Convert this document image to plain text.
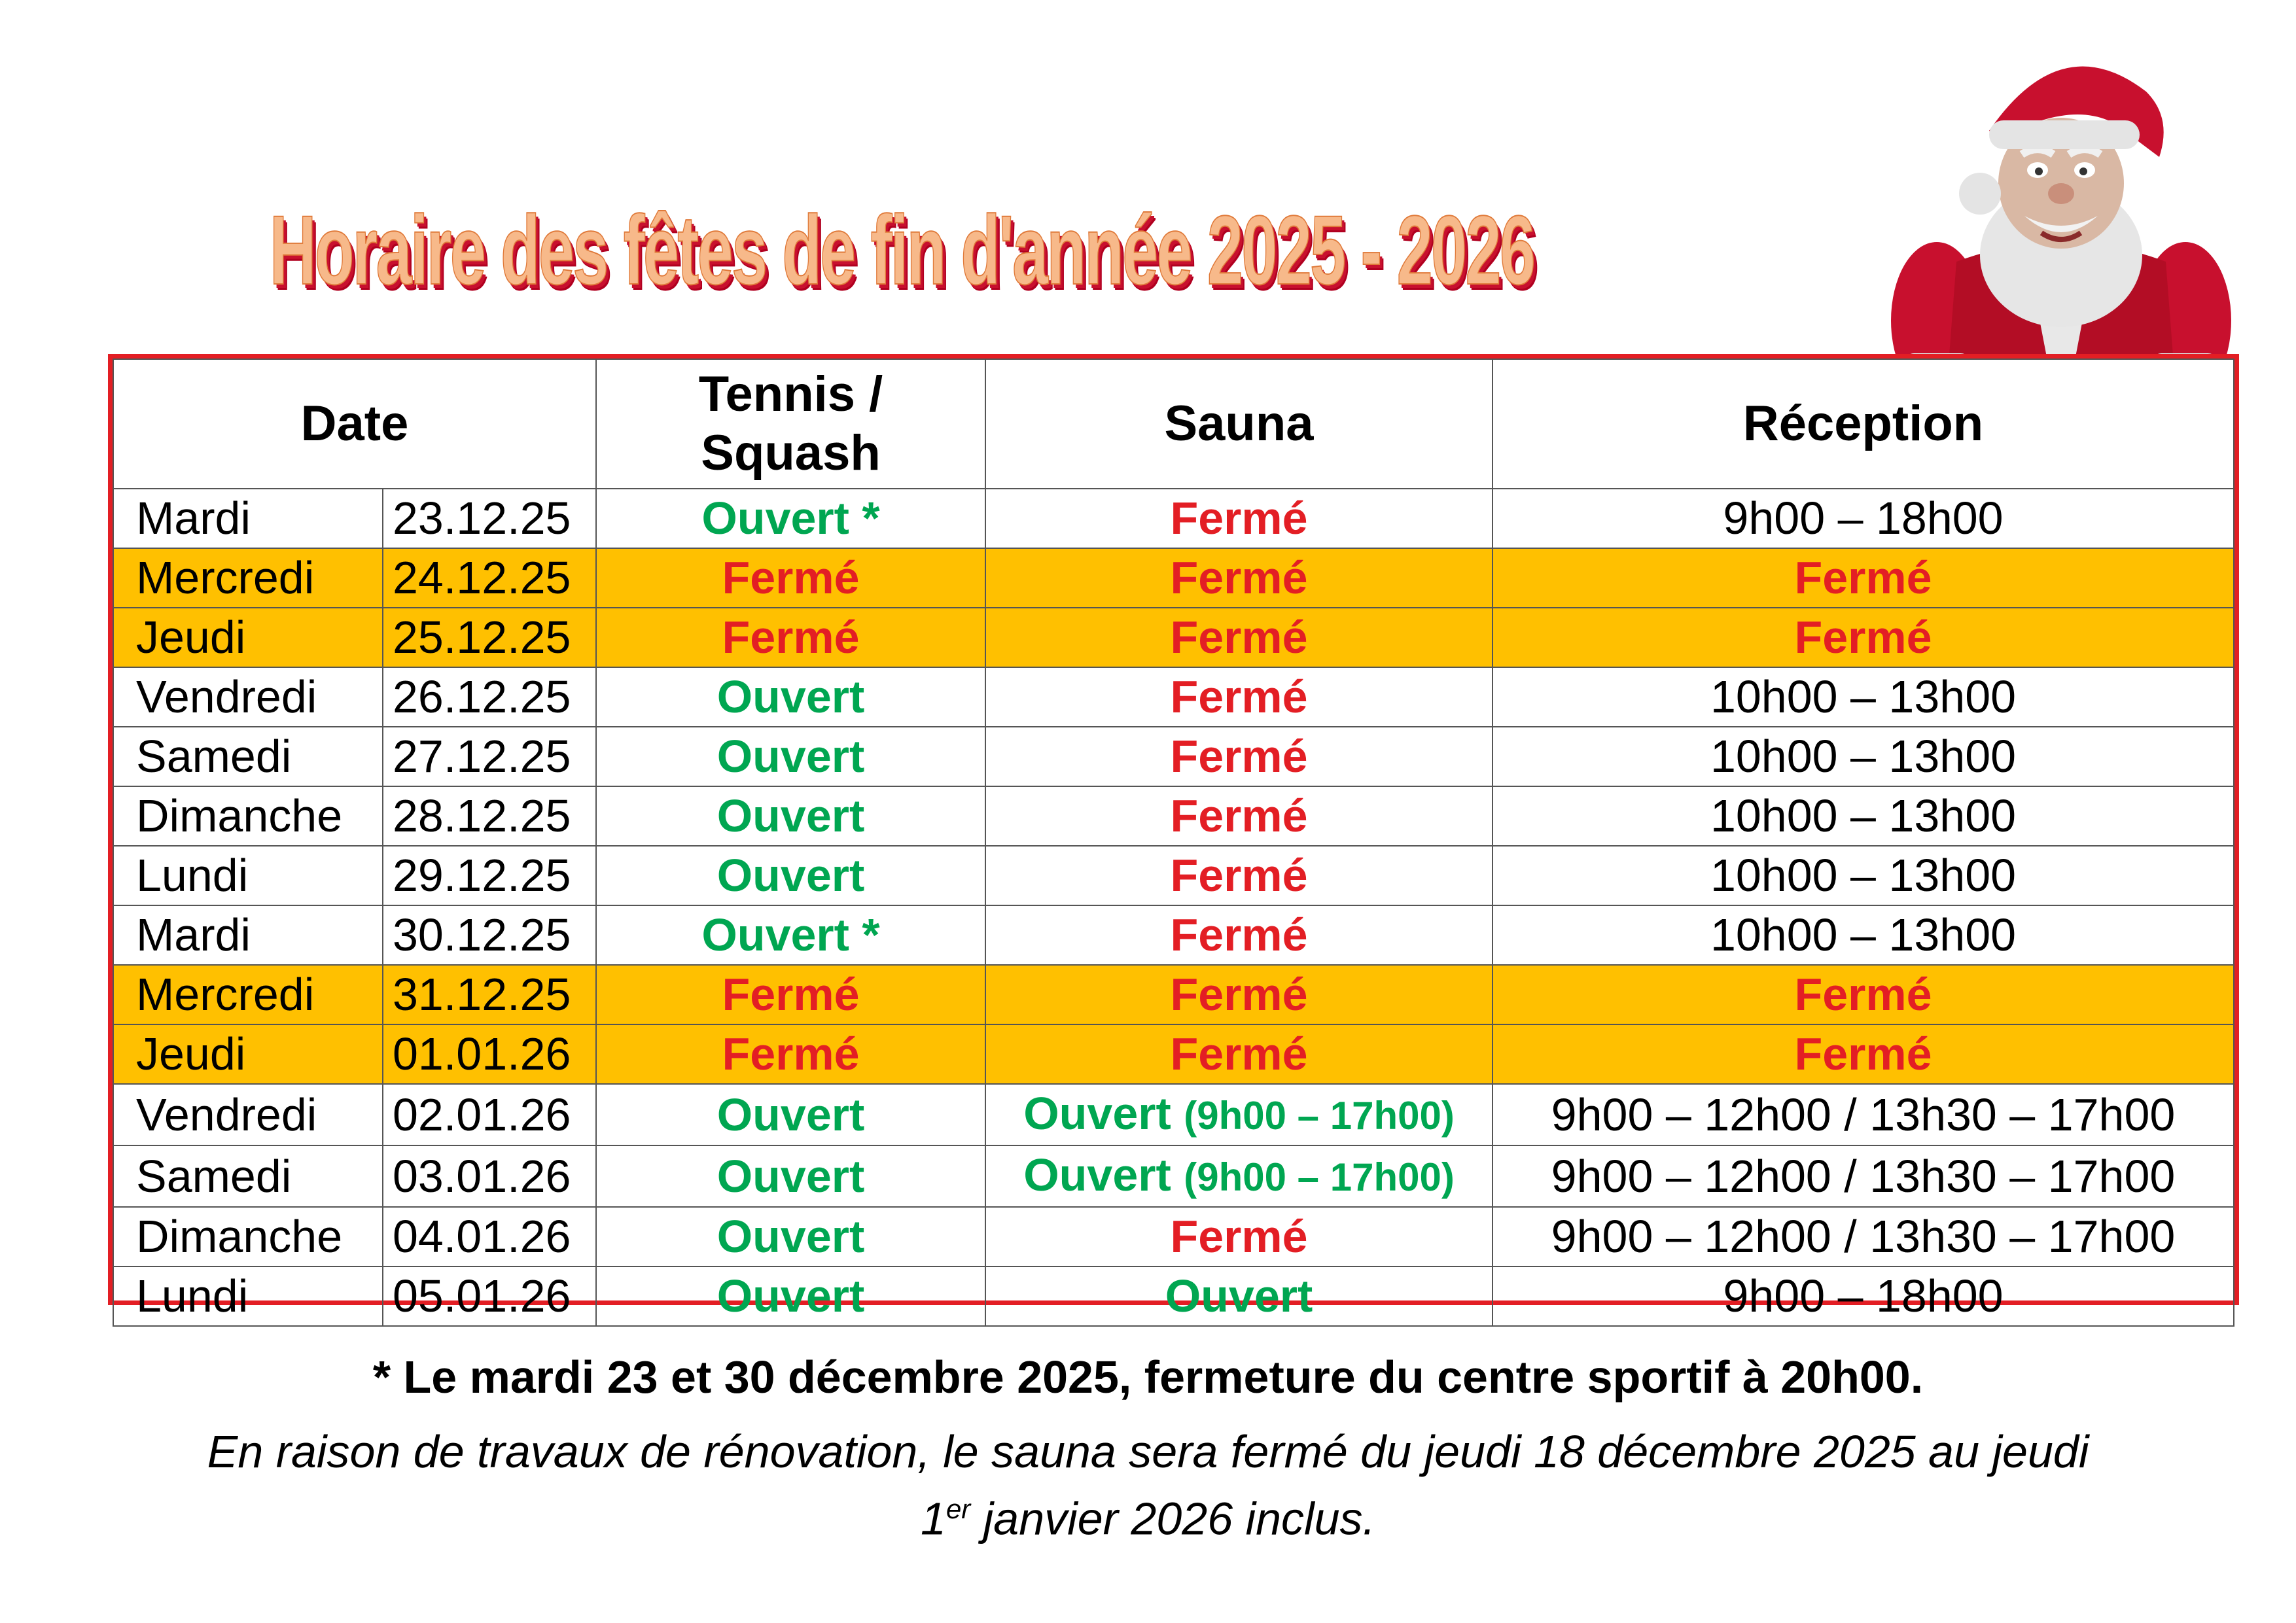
Horaire des fêtes de fin d'année 2025 - 2026
Date		Tennis /
Squash	Sauna	Réception
Mardi	23.12.25	Ouvert *	Fermé	9h00 – 18h00
Mercredi	24.12.25	Fermé	Fermé	Fermé
Jeudi	25.12.25	Fermé	Fermé	Fermé
Vendredi	26.12.25	Ouvert	Fermé	10h00 – 13h00
Samedi	27.12.25	Ouvert	Fermé	10h00 – 13h00
Dimanche	28.12.25	Ouvert	Fermé	10h00 – 13h00
Lundi	29.12.25	Ouvert	Fermé	10h00 – 13h00
Mardi	30.12.25	Ouvert *	Fermé	10h00 – 13h00
Mercredi	31.12.25	Fermé	Fermé	Fermé
Jeudi	01.01.26	Fermé	Fermé	Fermé
Vendredi	02.01.26	Ouvert	Ouvert (9h00 – 17h00)	9h00 – 12h00 / 13h30 – 17h00
Samedi	03.01.26	Ouvert	Ouvert (9h00 – 17h00)	9h00 – 12h00 / 13h30 – 17h00
Dimanche	04.01.26	Ouvert	Fermé	9h00 – 12h00 / 13h30 – 17h00
Lundi	05.01.26	Ouvert	Ouvert	9h00 – 18h00
* Le mardi 23 et 30 décembre 2025, fermeture du centre sportif à 20h00.
En raison de travaux de rénovation, le sauna sera fermé du jeudi 18 décembre 2025 au jeudi
1er janvier 2026 inclus.
